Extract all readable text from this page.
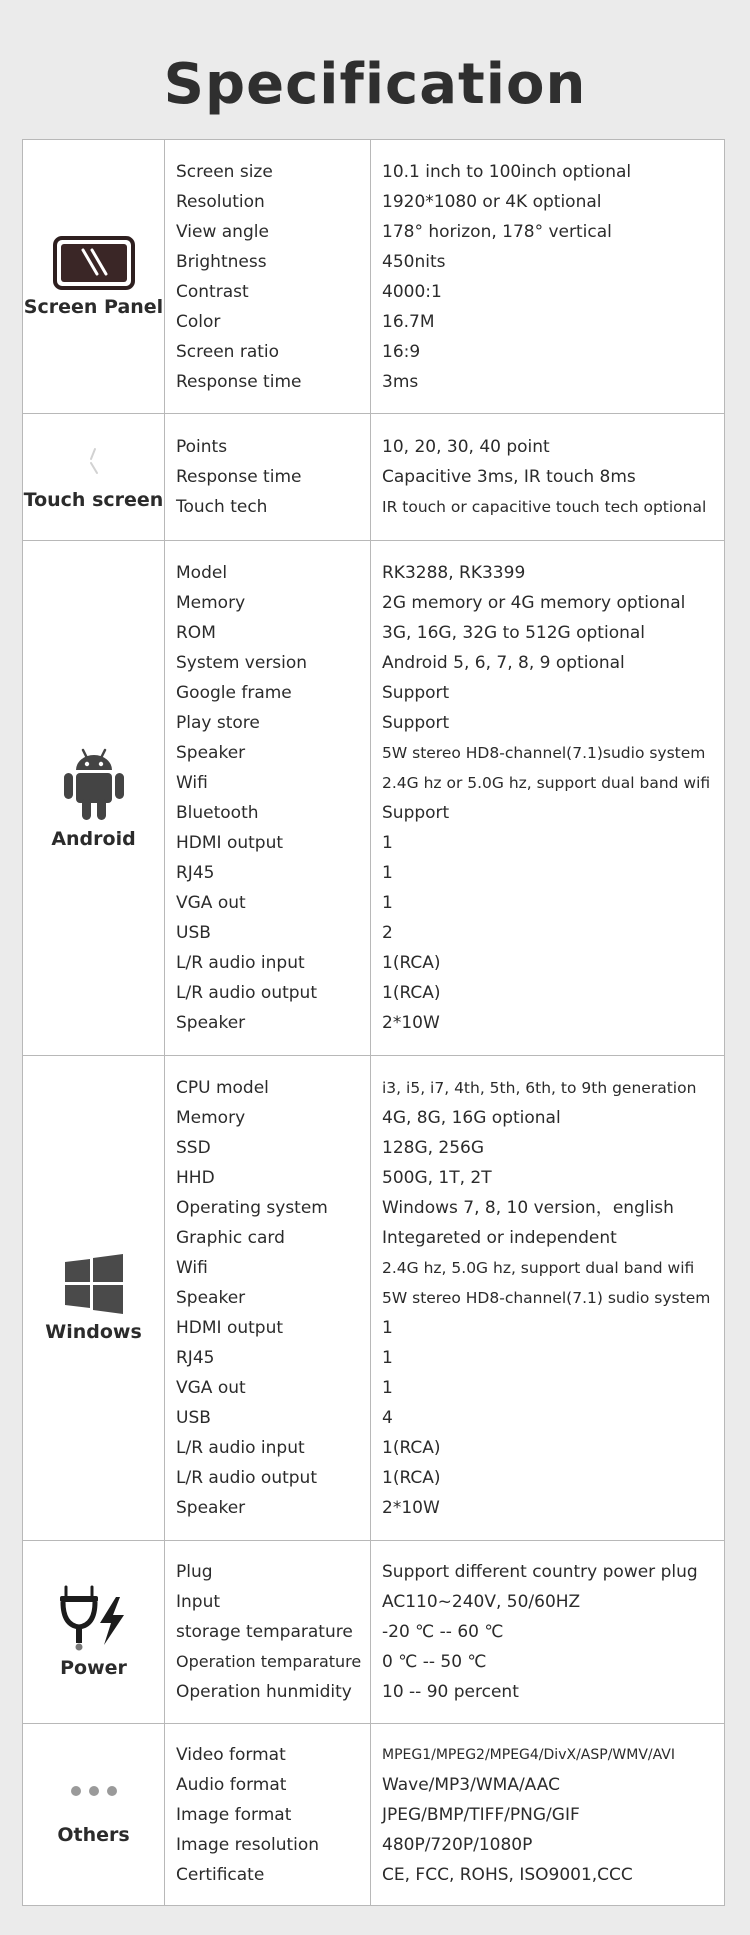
Specification
Screen Panel
Screen size
Resolution
View angle
Brightness
Contrast
Color
Screen ratio
Response time
10.1 inch to 100inch optional
1920*1080 or 4K optional
178° horizon, 178° vertical
450nits
4000:1
16.7M
16:9
3ms
Touch screen
Points
Response time
Touch tech
10, 20, 30, 40 point
Capacitive 3ms, IR touch 8ms
IR touch or capacitive touch tech optional
Android
Model
Memory
ROM
System version
Google frame
Play store
Speaker
Wifi
Bluetooth
HDMI output
RJ45
VGA out
USB
L/R audio input
L/R audio output
Speaker
RK3288, RK3399
2G memory or 4G memory optional
3G, 16G, 32G to 512G optional
Android 5, 6, 7, 8, 9 optional
Support
Support
5W stereo HD8-channel(7.1)sudio system
2.4G hz or 5.0G hz, support dual band wifi
Support
1
1
1
2
1(RCA)
1(RCA)
2*10W
Windows
CPU model
Memory
SSD
HHD
Operating system
Graphic card
Wifi
Speaker
HDMI output
RJ45
VGA out
USB
L/R audio input
L/R audio output
Speaker
i3, i5, i7, 4th, 5th, 6th, to 9th generation
4G, 8G, 16G optional
128G, 256G
500G, 1T, 2T
Windows 7, 8, 10 version，english
Integareted or independent
2.4G hz, 5.0G hz, support dual band wifi
5W stereo HD8-channel(7.1) sudio system
1
1
1
4
1(RCA)
1(RCA)
2*10W
Power
Plug
Input
storage temparature
Operation temparature
Operation hunmidity
Support different country power plug
AC110~240V, 50/60HZ
-20 ℃ -- 60 ℃
0 ℃ -- 50 ℃
10 -- 90 percent
Others
Video format
Audio format
Image format
Image resolution
Certificate
MPEG1/MPEG2/MPEG4/DivX/ASP/WMV/AVI
Wave/MP3/WMA/AAC
JPEG/BMP/TIFF/PNG/GIF
480P/720P/1080P
CE, FCC, ROHS, ISO9001,CCC
